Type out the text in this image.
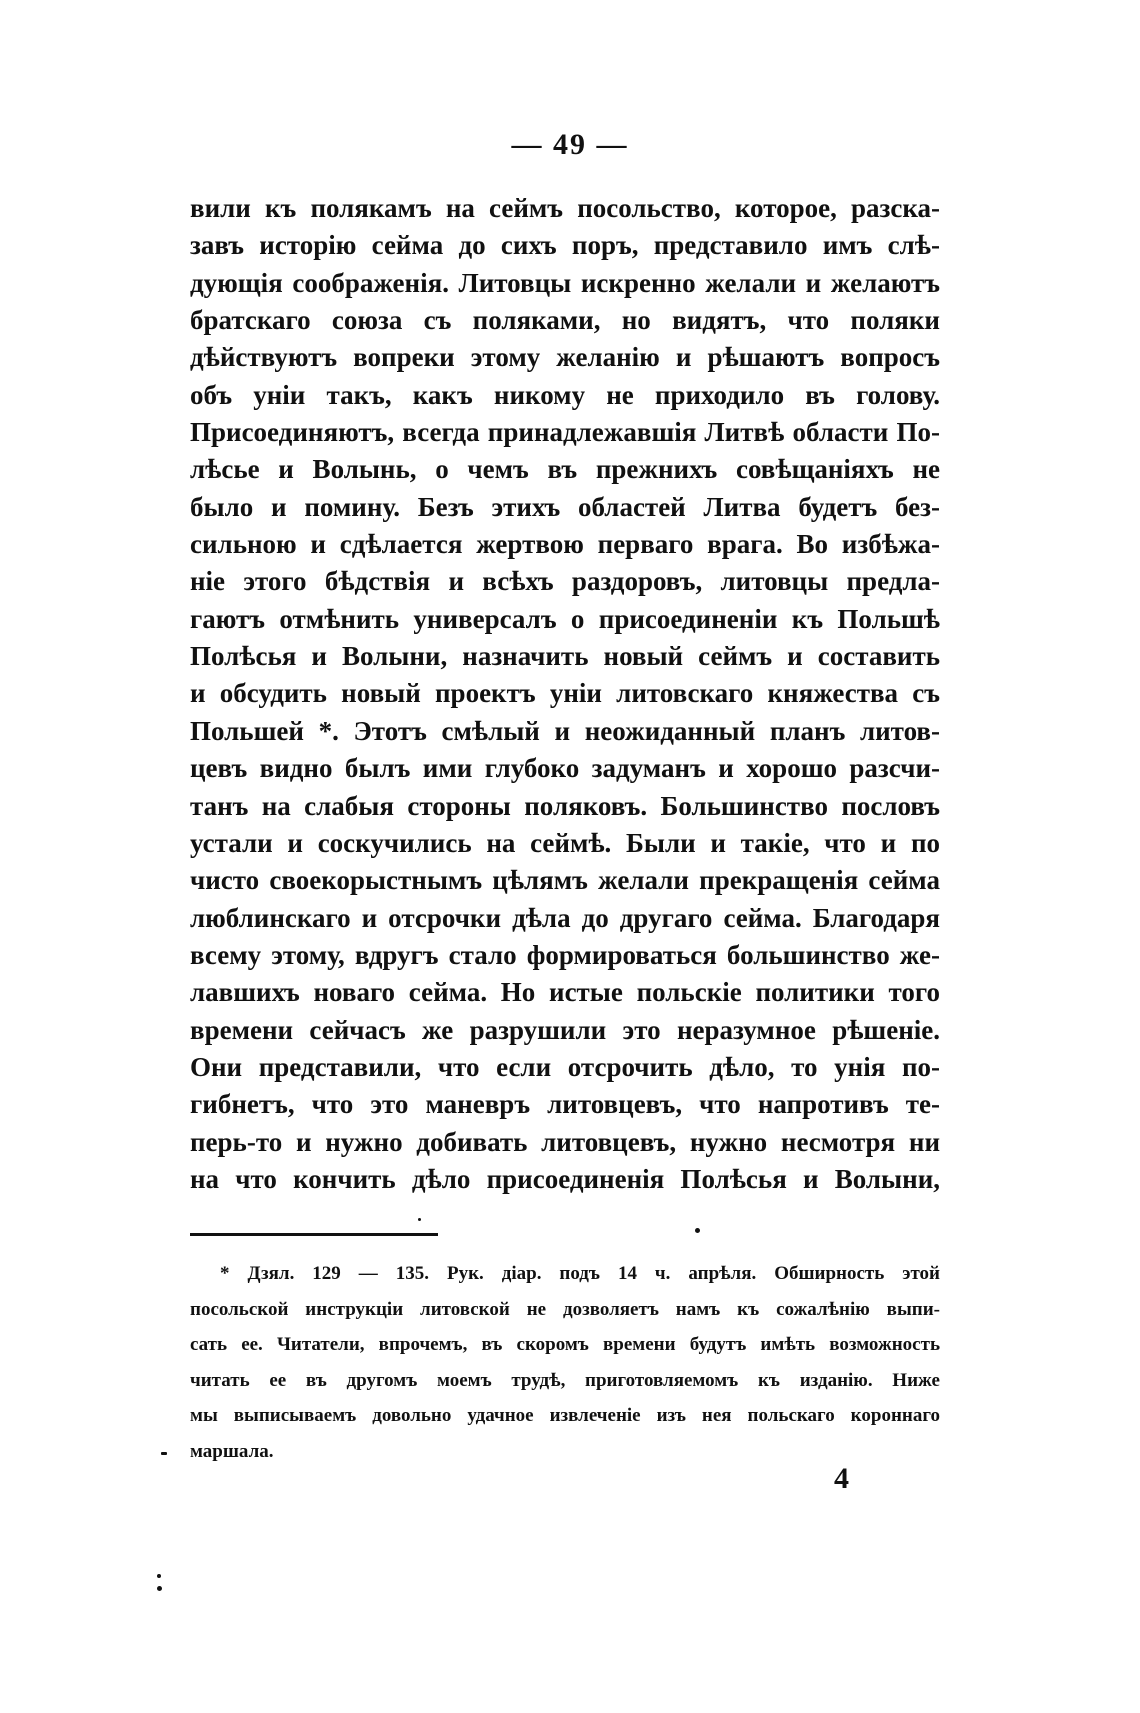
— 49 —
вили къ полякамъ на сеймъ посольство, которое, разска-
завъ исторію сейма до сихъ поръ, представило имъ слѣ-
дующія соображенія. Литовцы искренно желали и желаютъ
братскаго союза съ поляками, но видятъ, что поляки
дѣйствуютъ вопреки этому желанію и рѣшаютъ вопросъ
объ уніи такъ, какъ никому не приходило въ голову.
Присоединяютъ, всегда принадлежавшія Литвѣ области По-
лѣсье и Волынь, о чемъ въ прежнихъ совѣщаніяхъ не
было и помину. Безъ этихъ областей Литва будетъ без-
сильною и сдѣлается жертвою перваго врага. Во избѣжа-
ніе этого бѣдствія и всѣхъ раздоровъ, литовцы предла-
гаютъ отмѣнить универсалъ о присоединеніи къ Польшѣ
Полѣсья и Волыни, назначить новый сеймъ и составить
и обсудить новый проектъ уніи литовскаго княжества съ
Польшей *. Этотъ смѣлый и неожиданный планъ литов-
цевъ видно былъ ими глубоко задуманъ и хорошо разсчи-
танъ на слабыя стороны поляковъ. Большинство пословъ
устали и соскучились на сеймѣ. Были и такіе, что и по
чисто своекорыстнымъ цѣлямъ желали прекращенія сейма
люблинскаго и отсрочки дѣла до другаго сейма. Благодаря
всему этому, вдругъ стало формироваться большинство же-
лавшихъ новаго сейма. Но истые польскіе политики того
времени сейчасъ же разрушили это неразумное рѣшеніе.
Они представили, что если отсрочить дѣло, то унія по-
гибнетъ, что это маневръ литовцевъ, что напротивъ те-
перь-то и нужно добивать литовцевъ, нужно несмотря ни
на что кончить дѣло присоединенія Полѣсья и Волыни,
* Дзял. 129 — 135. Рук. діар. подъ 14 ч. апрѣля. Обширность этой
посольской инструкціи литовской не дозволяетъ намъ къ сожалѣнію выпи-
сать ее. Читатели, впрочемъ, въ скоромъ времени будутъ имѣть возможность
читать ее въ другомъ моемъ трудѣ, приготовляемомъ къ изданію. Ниже
мы выписываемъ довольно удачное извлеченіе изъ нея польскаго короннаго
маршала.
4
